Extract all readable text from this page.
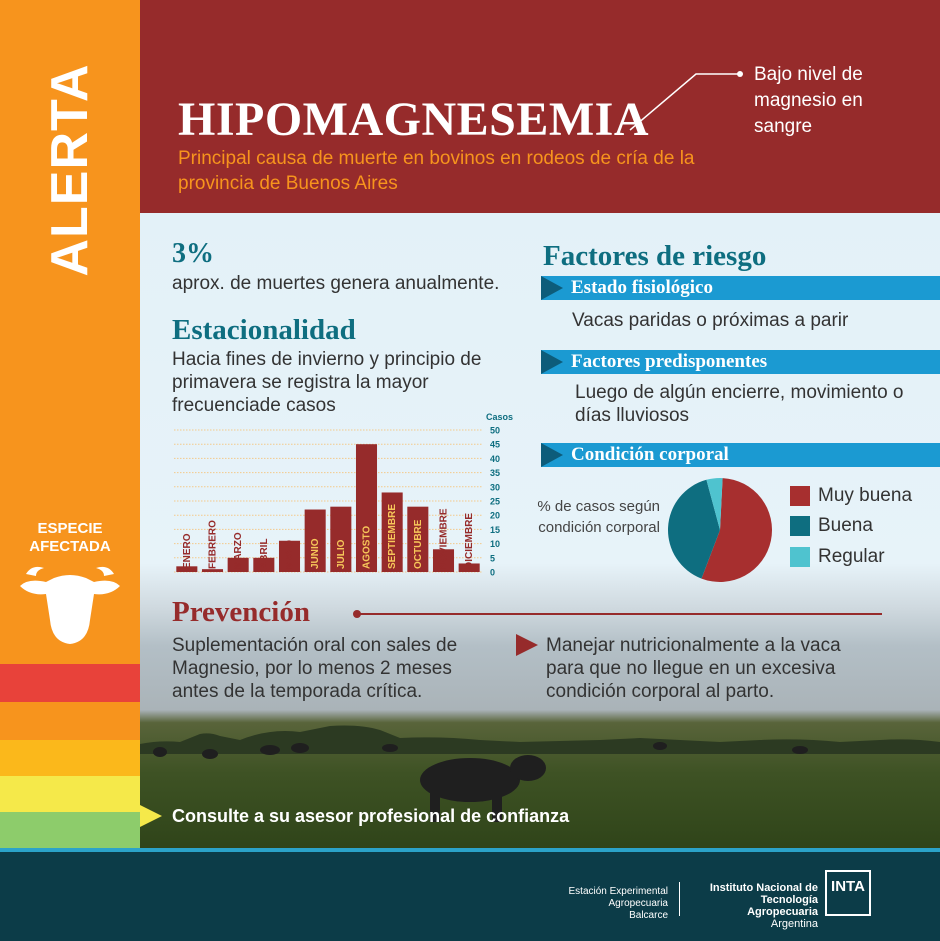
ALERTA
ESPECIE AFECTADA
HIPOMAGNESEMIA
Principal causa de muerte en bovinos en rodeos de cría de la provincia de Buenos Aires
Bajo nivel de magnesio en sangre
3%
aprox. de muertes genera anualmente.
Estacionalidad
Hacia fines de invierno y principio de primavera se registra la mayor frecuenciade casos
0
5
10
15
20
25
30
35
40
45
50
Casos
ENERO FEBRERO MARZO ABRIL MAYO JUNIO JULIO AGOSTO SEPTIEMBRE OCTUBRE NOVIEMBRE DICIEMBRE
Factores de riesgo
Estado fisiológico
Vacas paridas o próximas a parir
Factores predisponentes
Luego de algún encierre, movimiento o días lluviosos
Condición corporal
% de casos según condición corporal
Muy buena
Buena
Regular
Prevención
Suplementación oral con sales de Magnesio, por lo menos 2 meses antes de la temporada crítica.
Manejar nutricionalmente a la vaca para que no llegue en un excesiva condición corporal al parto.
Consulte a su asesor profesional de confianza
Estación Experimental
Agropecuaria
Balcarce
Instituto Nacional de
Tecnología Agropecuaria
Argentina
INTA
